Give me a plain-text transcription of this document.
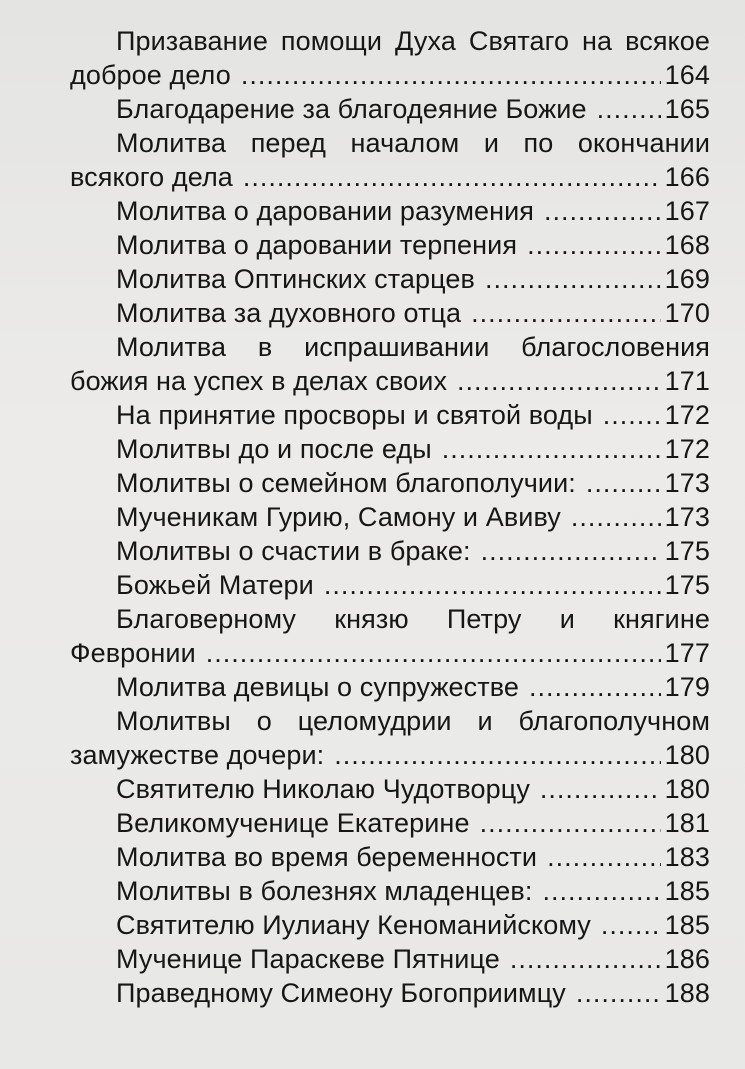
Призавание помощи Духа Святаго на всякое
доброе дело .....	164
Благодарение за благодеяние Божие .....	165
Молитва перед началом и по окончании
всякого дела .....	166
Молитва о даровании разумения .....	167
Молитва о даровании терпения .....	168
Молитва Оптинских старцев .....	169
Молитва за духовного отца .....	170
Молитва в испрашивании благословения
божия на успех в делах своих .....	171
На принятие просворы и святой воды .....	172
Молитвы до и после еды .....	172
Молитвы о семейном благополучии: .....	173
Мученикам Гурию, Самону и Авиву .....	173
Молитвы о счастии в браке: .....	175
Божьей Матери .....	175
Благоверному князю Петру и княгине
Февронии .....	177
Молитва девицы о супружестве .....	179
Молитвы о целомудрии и благополучном
замужестве дочери: .....	180
Святителю Николаю Чудотворцу .....	180
Великомученице Екатерине .....	181
Молитва во время беременности .....	183
Молитвы в болезнях младенцев: .....	185
Святителю Иулиану Кеноманийскому .....	185
Мученице Параскеве Пятнице .....	186
Праведному Симеону Богоприимцу .....	188
